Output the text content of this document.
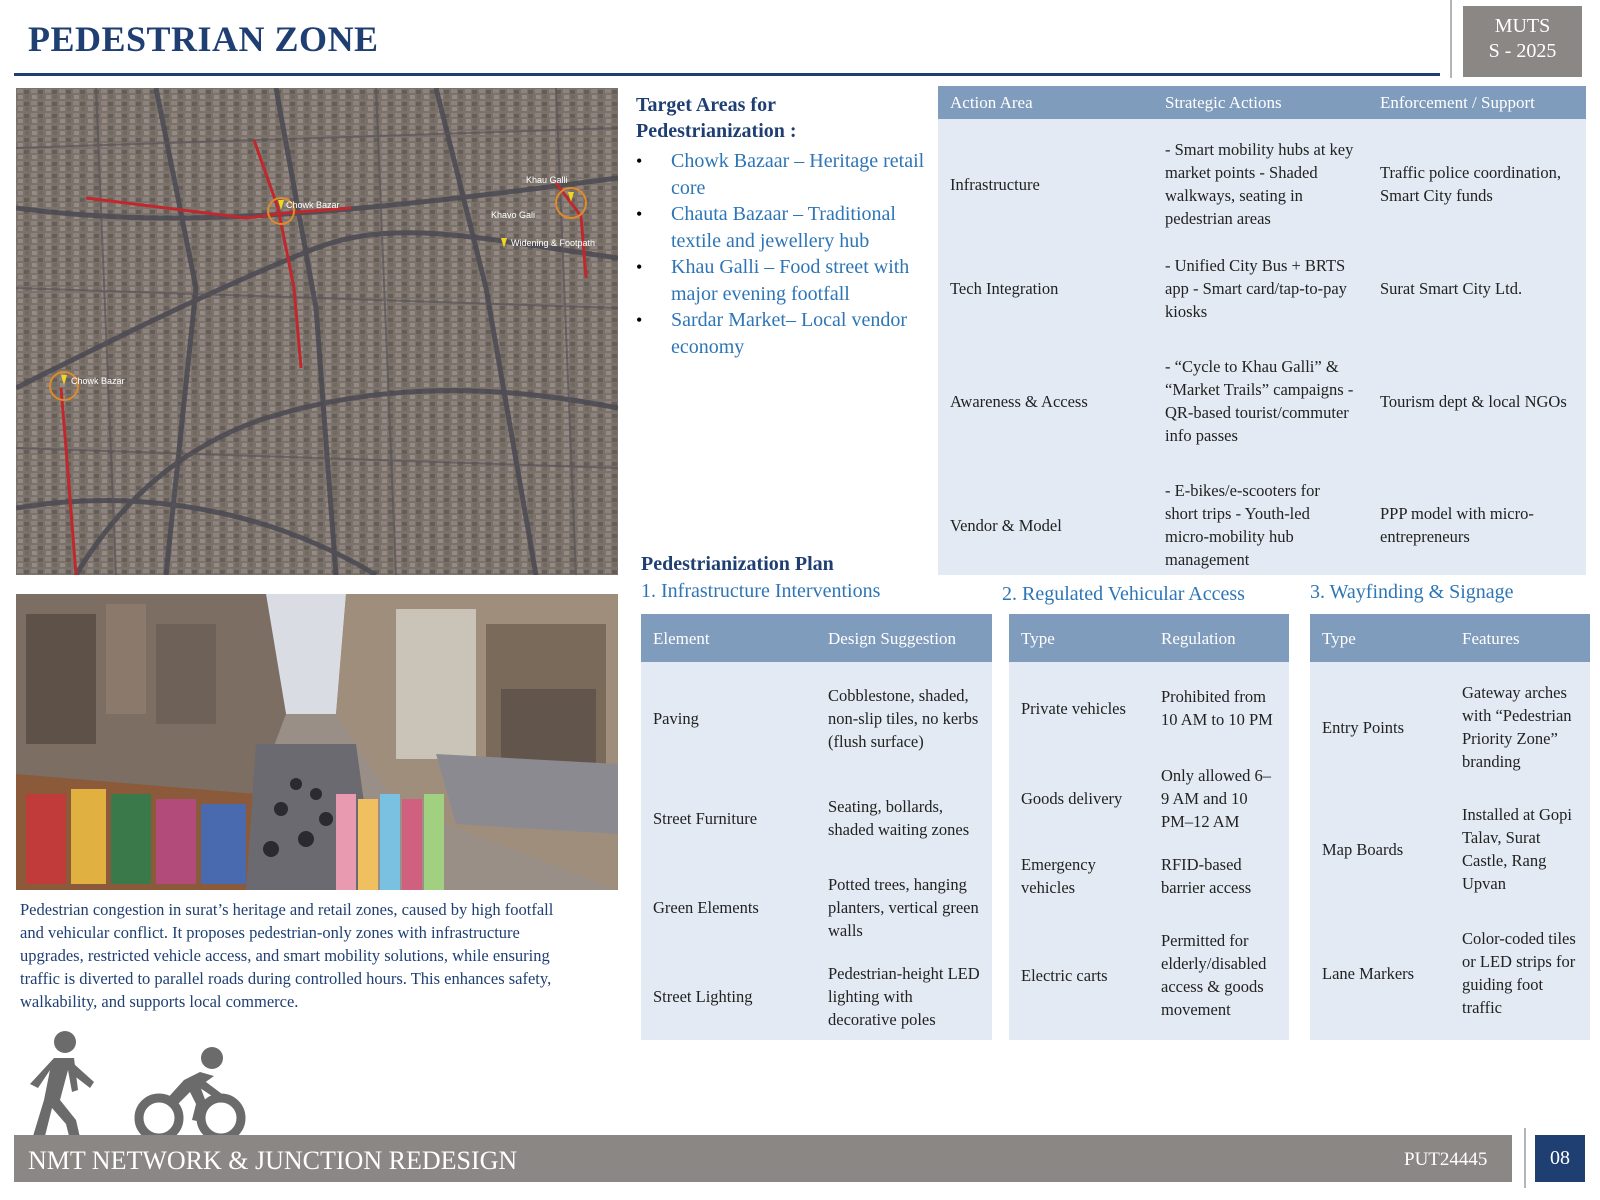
PEDESTRIAN ZONE	MUTS
S - 2025
Chowk Bazar
Khau Galli
Khavo Gali
Widening & Footpath
Chowk Bazar
Target Areas for
Pedestrianization :
• Chowk Bazaar – Heritage retail core
• Chauta Bazaar – Traditional textile and jewellery hub
• Khau Galli – Food street with major evening footfall
• Sardar Market– Local vendor economy
Action Area	Strategic Actions	Enforcement / Support
Infrastructure	- Smart mobility hubs at key market points - Shaded walkways, seating in pedestrian areas	Traffic police coordination, Smart City funds
Tech Integration	- Unified City Bus + BRTS app - Smart card/tap-to-pay kiosks	Surat Smart City Ltd.
Awareness & Access	- “Cycle to Khau Galli” & “Market Trails” campaigns - QR-based tourist/commuter info passes	Tourism dept & local NGOs
Vendor & Model	- E-bikes/e-scooters for short trips - Youth-led micro-mobility hub management	PPP model with micro-entrepreneurs
Pedestrianization Plan
1. Infrastructure Interventions	2. Regulated Vehicular Access	3. Wayfinding & Signage
Element	Design Suggestion
Paving	Cobblestone, shaded, non-slip tiles, no kerbs (flush surface)
Street Furniture	Seating, bollards, shaded waiting zones
Green Elements	Potted trees, hanging planters, vertical green walls
Street Lighting	Pedestrian-height LED lighting with decorative poles
Type	Regulation
Private vehicles	Prohibited from 10 AM to 10 PM
Goods delivery	Only allowed 6–9 AM and 10 PM–12 AM
Emergency vehicles	RFID-based barrier access
Electric carts	Permitted for elderly/disabled access & goods movement
Type	Features
Entry Points	Gateway arches with “Pedestrian Priority Zone” branding
Map Boards	Installed at Gopi Talav, Surat Castle, Rang Upvan
Lane Markers	Color-coded tiles or LED strips for guiding foot traffic
Pedestrian congestion in surat’s heritage and retail zones, caused by high footfall and vehicular conflict. It proposes pedestrian-only zones with infrastructure upgrades, restricted vehicle access, and smart mobility solutions, while ensuring traffic is diverted to parallel roads during controlled hours. This enhances safety, walkability, and supports local commerce.
NMT NETWORK & JUNCTION REDESIGN	PUT24445	08
